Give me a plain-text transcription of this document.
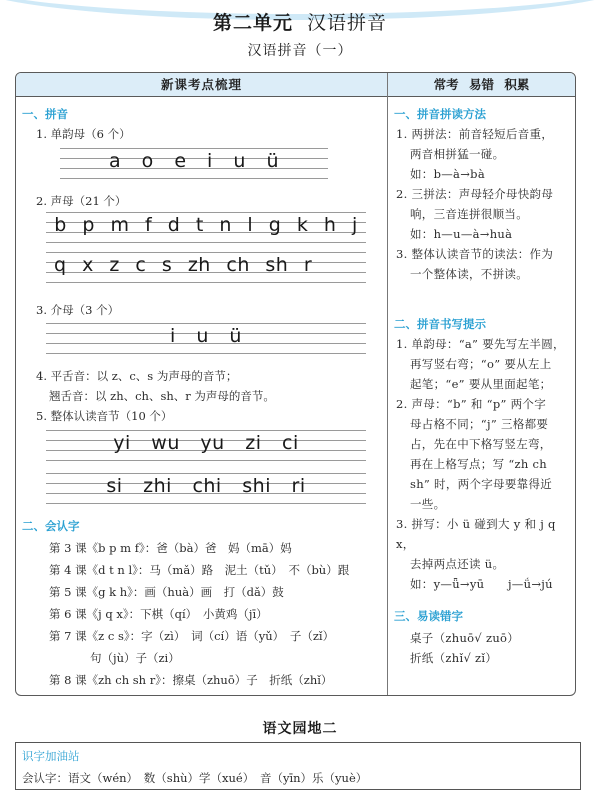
第二单元 汉语拼音
汉语拼音（一）
新课考点梳理	常考 易错 积累
一、拼音
1. 单韵母（6 个）
a o e i u ü
2. 声母（21 个）
b p m f d t n l g k h j
q x z c s zh ch sh r
3. 介母（3 个）
i u ü
4. 平舌音：以 z、c、s 为声母的音节；
翘舌音：以 zh、ch、sh、r 为声母的音节。
5. 整体认读音节（10 个）
yi wu yu zi ci
si zhi chi shi ri
二、会认字
第 3 课《b p m f》：爸（bà）爸　妈（mā）妈
第 4 课《d t n l》：马（mǎ）路　泥土（tǔ）　不（bù）跟
第 5 课《g k h》：画（huà）画　打（dǎ）鼓
第 6 课《j q x》：下棋（qí）　小黄鸡（jī）
第 7 课《z c s》：字（zì）　词（cí）语（yǔ）　子（zǐ）
句（jù）子（zi）
第 8 课《zh ch sh r》：擦桌（zhuō）子　折纸（zhǐ）
一、拼音拼读方法
1. 两拼法：前音轻短后音重，
两音相拼猛一碰。
如：b—à→bà
2. 三拼法：声母轻介母快韵母
响，三音连拼很顺当。
如：h—u—à→huà
3. 整体认读音节的读法：作为
一个整体读，不拼读。
二、拼音书写提示
1. 单韵母：“a” 要先写左半圆，
再写竖右弯；“o” 要从左上
起笔；“e” 要从里面起笔；
2. 声母：“b” 和 “p” 两个字
母占格不同；“j” 三格都要
占，先在中下格写竖左弯，
再在上格写点；写 “zh ch
sh” 时，两个字母要靠得近
一些。
3. 拼写：小 ü 碰到大 y 和 j q x，
去掉两点还读 ü。
如：y—ǖ→yū　　j—ǘ→jú
三、易读错字
桌子（zhuō√ zuō）
折纸（zhǐ√ zǐ）
语文园地二
识字加油站
会认字：语文（wén）　数（shù）学（xué）　音（yīn）乐（yuè）
